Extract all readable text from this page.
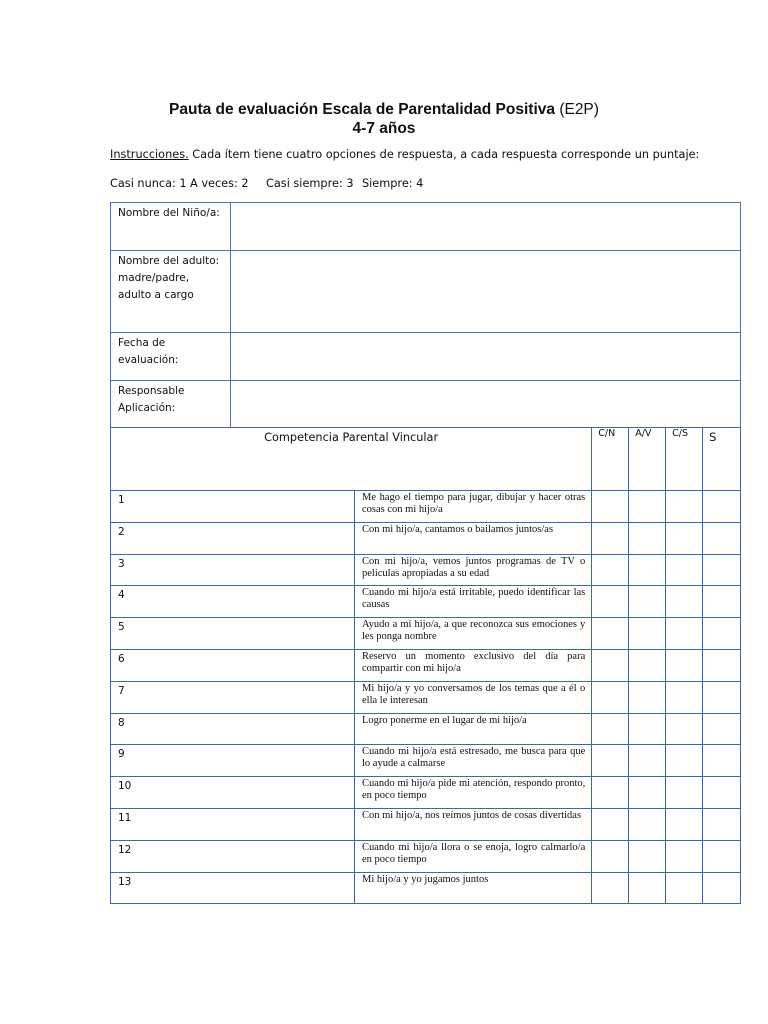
Pauta de evaluación Escala de Parentalidad Positiva (E2P)
4-7 años
Instrucciones. Cada ítem tiene cuatro opciones de respuesta, a cada respuesta corresponde un puntaje:
Casi nunca: 1 A veces: 2 Casi siempre: 3 Siempre: 4
Nombre del Niño/a:	
Nombre del adulto: madre/padre, adulto a cargo	
Fecha de evaluación:	
Responsable Aplicación:	
Competencia Parental Vincular		C/N	A/V	C/S	S
1	Me hago el tiempo para jugar, dibujar y hacer otras cosas con mi hijo/a				
2	Con mi hijo/a, cantamos o bailamos juntos/as				
3	Con mi hijo/a, vemos juntos programas de TV o películas apropiadas a su edad				
4	Cuando mi hijo/a está irritable, puedo identificar las causas				
5	Ayudo a mi hijo/a, a que reconozca sus emociones y les ponga nombre				
6	Reservo un momento exclusivo del día para compartir con mi hijo/a				
7	Mi hijo/a y yo conversamos de los temas que a él o ella le interesan				
8	Logro ponerme en el lugar de mi hijo/a				
9	Cuando mi hijo/a está estresado, me busca para que lo ayude a calmarse				
10	Cuando mi hijo/a pide mi atención, respondo pronto, en poco tiempo				
11	Con mi hijo/a, nos reímos juntos de cosas divertidas				
12	Cuando mi hijo/a llora o se enoja, logro calmarlo/a en poco tiempo				
13	Mi hijo/a y yo jugamos juntos				
